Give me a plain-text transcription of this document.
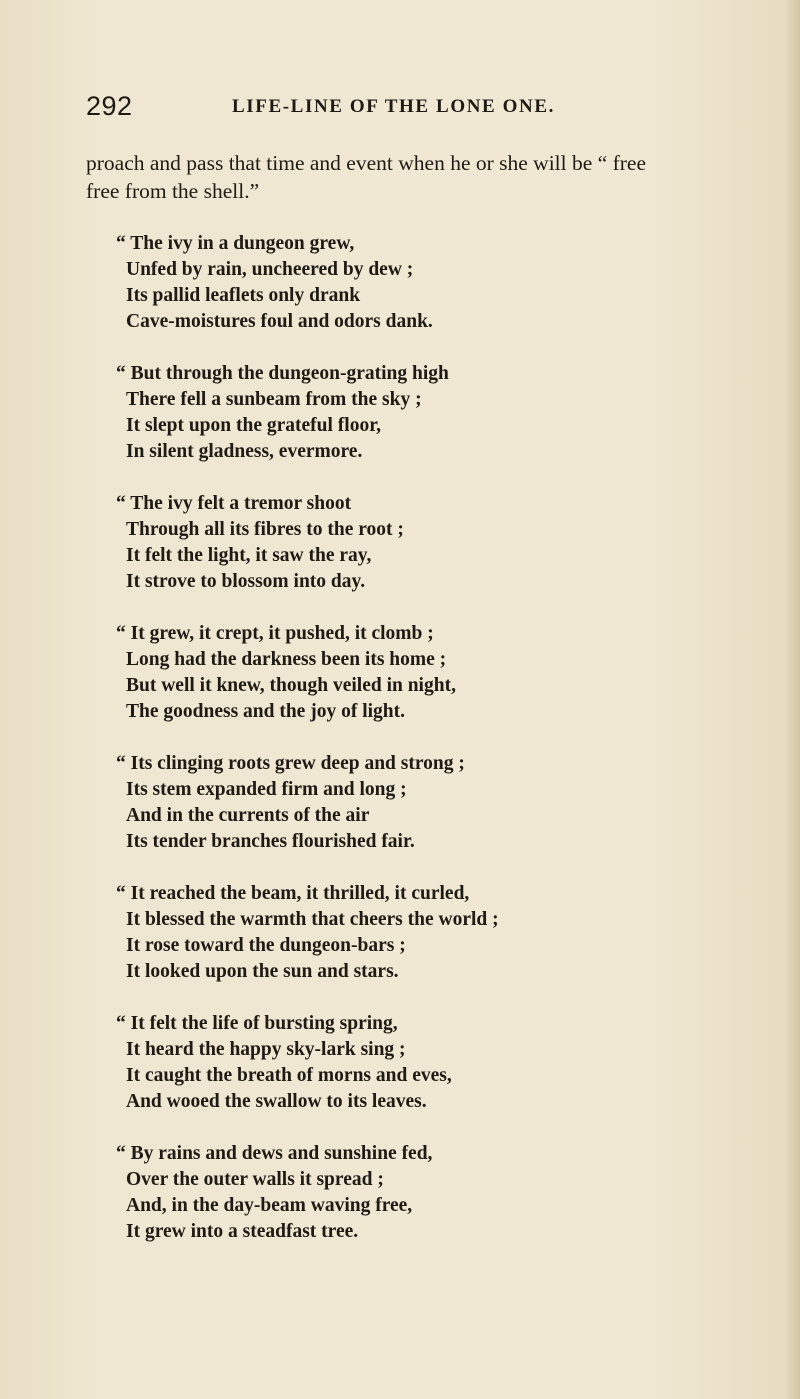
292	LIFE-LINE OF THE LONE ONE.
proach and pass that time and event when he or she will be “ free
free from the shell.”
“ The ivy in a dungeon grew,
Unfed by rain, uncheered by dew ;
Its pallid leaflets only drank
Cave-moistures foul and odors dank.
“ But through the dungeon-grating high
There fell a sunbeam from the sky ;
It slept upon the grateful floor,
In silent gladness, evermore.
“ The ivy felt a tremor shoot
Through all its fibres to the root ;
It felt the light, it saw the ray,
It strove to blossom into day.
“ It grew, it crept, it pushed, it clomb ;
Long had the darkness been its home ;
But well it knew, though veiled in night,
The goodness and the joy of light.
“ Its clinging roots grew deep and strong ;
Its stem expanded firm and long ;
And in the currents of the air
Its tender branches flourished fair.
“ It reached the beam, it thrilled, it curled,
It blessed the warmth that cheers the world ;
It rose toward the dungeon-bars ;
It looked upon the sun and stars.
“ It felt the life of bursting spring,
It heard the happy sky-lark sing ;
It caught the breath of morns and eves,
And wooed the swallow to its leaves.
“ By rains and dews and sunshine fed,
Over the outer walls it spread ;
And, in the day-beam waving free,
It grew into a steadfast tree.
